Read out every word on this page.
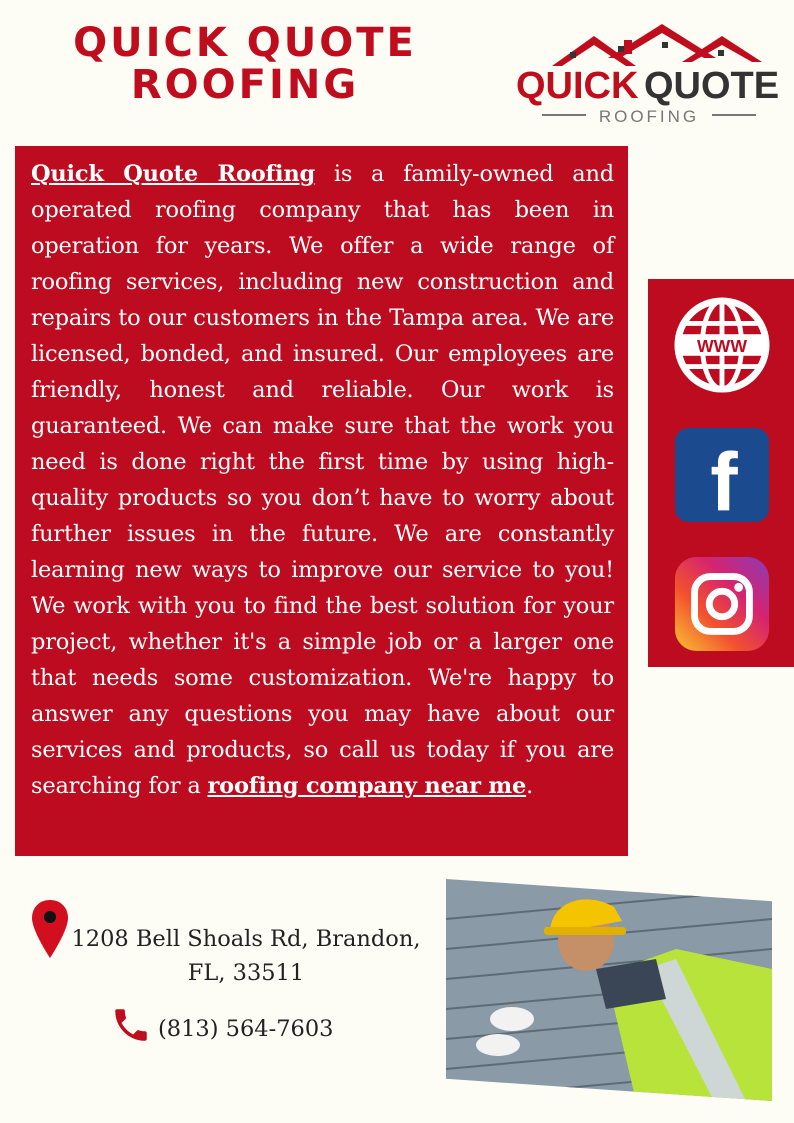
QUICK QUOTE
ROOFING	QUICK QUOTE
ROOFING
Quick Quote Roofing is a family-owned and operated roofing company that has been in operation for years. We offer a wide range of roofing services, including new construction and repairs to our customers in the Tampa area. We are licensed, bonded, and insured. Our employees are friendly, honest and reliable. Our work is guaranteed. We can make sure that the work you need is done right the first time by using high-quality products so you don’t have to worry about further issues in the future. We are constantly learning new ways to improve our service to you! We work with you to find the best solution for your project, whether it's a simple job or a larger one that needs some customization. We're happy to answer any questions you may have about our services and products, so call us today if you are searching for a roofing company near me.
WWW
f
1208 Bell Shoals Rd, Brandon,
FL, 33511
(813) 564-7603
